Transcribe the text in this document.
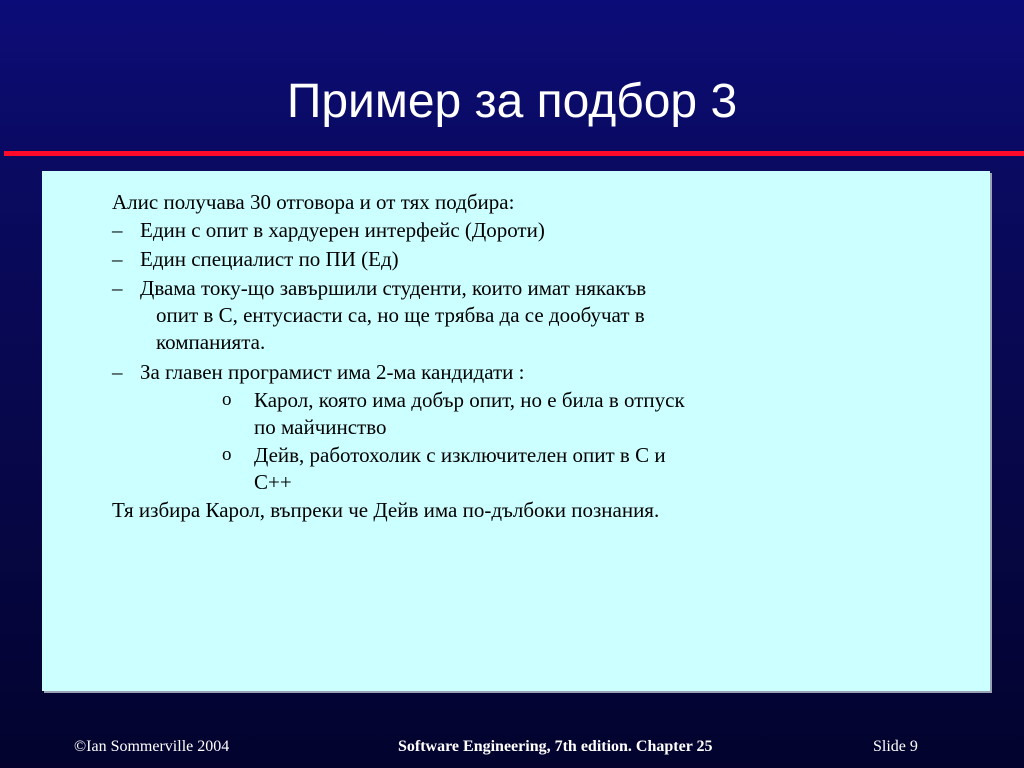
Пример за подбор 3
Алис получава 30 отговора и от тях подбира:
– Един с опит в хардуерен интерфейс (Дороти)
– Един специалист по ПИ (Ед)
– Двама току-що завършили студенти, които имат някакъв
опит в C, ентусиасти са, но ще трябва да се дообучат в
компанията.
– За главен програмист има 2-ма кандидати :
o Карол, която има добър опит, но е била в отпуск
по майчинство
o Дейв, работохолик с изключителен опит в C и
C++
Тя избира Карол, въпреки че Дейв има по-дълбоки познания.
©Ian Sommerville 2004	Software Engineering, 7th edition. Chapter 25	Slide 9
